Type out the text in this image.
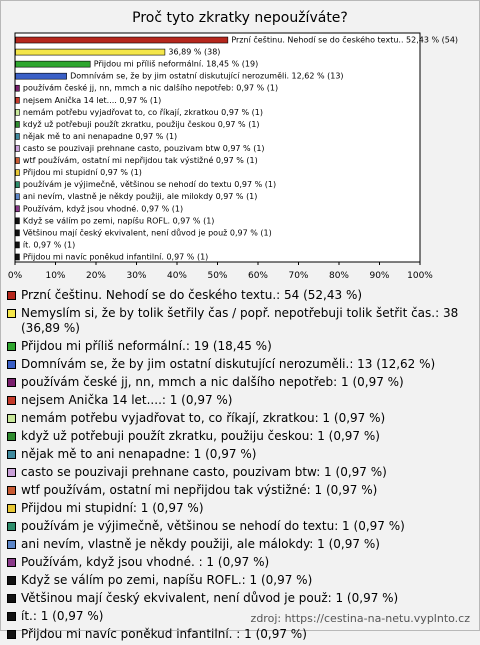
Proč tyto zkratky nepoužíváte?
Przní češtinu. Nehodí se do českého textu.. 52,43 % (54)
36,89 % (38)
Přijdou mi příliš neformální. 18,45 % (19)
Domnívám se, že by jim ostatní diskutující nerozuměli. 12,62 % (13)
používám české jj, nn, mmch a nic dalšího nepotřeb: 0,97 % (1)
nejsem Anička 14 let.... 0,97 % (1)
nemám potřebu vyjadřovat to, co říkají, zkratkou 0,97 % (1)
když už potřebuji použít zkratku, použiju českou 0,97 % (1)
nějak mě to ani nenapadne 0,97 % (1)
casto se pouzivaji prehnane casto, pouzivam btw 0,97 % (1)
wtf používám, ostatní mi nepřijdou tak výstižné 0,97 % (1)
Přijdou mi stupidní 0,97 % (1)
používám je výjimečně, většinou se nehodí do textu 0,97 % (1)
ani nevím, vlastně je někdy použiji, ale milokdy 0,97 % (1)
Používám, když jsou vhodné. 0,97 % (1)
Když se válím po zemi, napíšu ROFL. 0,97 % (1)
Většinou mají český ekvivalent, není důvod je použ 0,97 % (1)
ít. 0,97 % (1)
Přijdou mi navíc poněkud infantilní. 0,97 % (1)
0%	10% 20% 30% 40% 50% 60% 70% 80% 90% 100%
Prznί češtinu. Nehodí se do českého textu.: 54 (52,43 %)
Nemyslím si, že by tolik šetřily čas / popř. nepotřebuji tolik šetřit čas.: 38 (36,89 %)
Přijdou mi příliš neformální.: 19 (18,45 %)
Domnívám se, že by jim ostatní diskutující nerozuměli.: 13 (12,62 %)
používám české jj, nn, mmch a nic dalšího nepotřeb: 1 (0,97 %)
nejsem Anička 14 let....: 1 (0,97 %)
nemám potřebu vyjadřovat to, co říkají, zkratkou: 1 (0,97 %)
když už potřebuji použít zkratku, použiju českou: 1 (0,97 %)
nějak mě to ani nenapadne: 1 (0,97 %)
casto se pouzivaji prehnane casto, pouzivam btw: 1 (0,97 %)
wtf používám, ostatní mi nepřijdou tak výstižné: 1 (0,97 %)
Přijdou mi stupidní: 1 (0,97 %)
používám je výjimečně, většinou se nehodí do textu: 1 (0,97 %)
ani nevím, vlastně je někdy použiji, ale málokdy: 1 (0,97 %)
Používám, když jsou vhodné. : 1 (0,97 %)
Když se válím po zemi, napíšu ROFL.: 1 (0,97 %)
Většinou mají český ekvivalent, není důvod je použ: 1 (0,97 %)
ít.: 1 (0,97 %)
Přijdou mi navíc poněkud infantilní. : 1 (0,97 %)
zdroj: https://cestina-na-netu.vyplnto.cz
